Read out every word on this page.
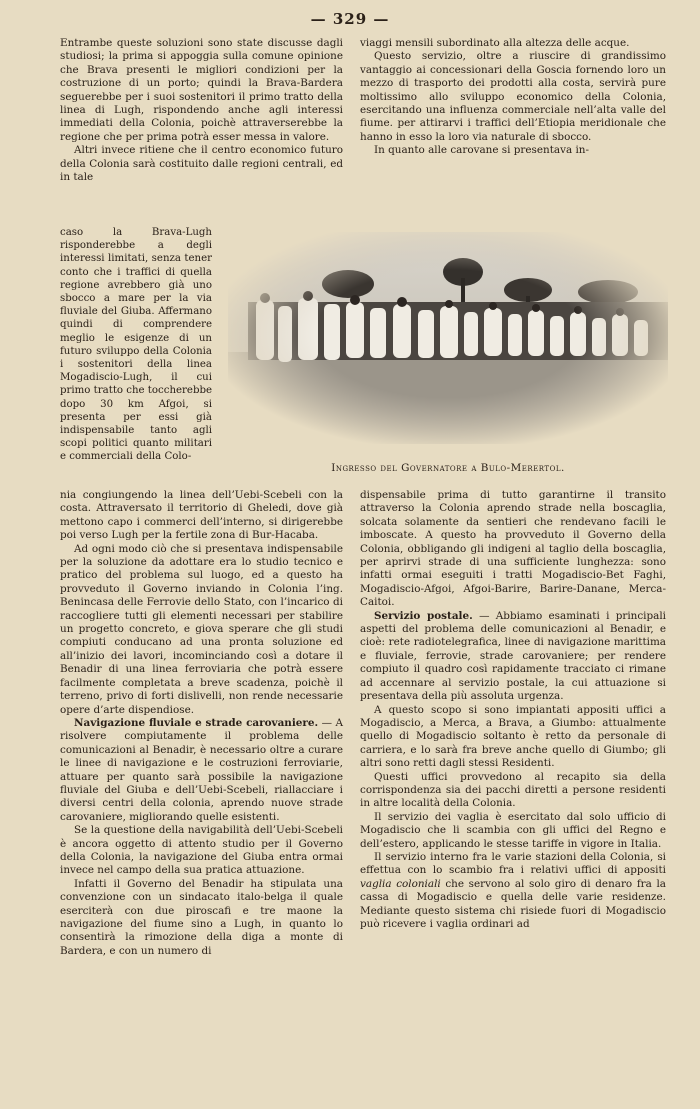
— 329 —

Entrambe queste soluzioni sono state discusse dagli studiosi; la prima si appoggia sulla comune opinione che Brava presenti le migliori condizioni per la costruzione di un porto; quindi la Brava-Bardera seguerebbe per i suoi sostenitori il primo tratto della linea di Lugh, rispondendo anche agli interessi immediati della Colonia, poichè attraverserebbe la regione che per prima potrà esser messa in valore.

Altri invece ritiene che il centro economico futuro della Colonia sarà costituito dalle regioni centrali, ed in tale

caso la Brava-Lugh risponderebbe a degli interessi limitati, senza tener conto che i traffici di quella regione avrebbero già uno sbocco a mare per la via fluviale del Giuba. Affermano quindi di comprendere meglio le esigenze di un futuro sviluppo della Colonia i sostenitori della linea Mogadiscio-Lugh, il cui primo tratto che toccherebbe dopo 30 km Afgoi, si presenta per essi già indispensabile tanto agli scopi politici quanto militari e commerciali della Colo-

viaggi mensili subordinato alla altezza delle acque.

Questo servizio, oltre a riuscire di grandissimo vantaggio ai concessionari della Goscia fornendo loro un mezzo di trasporto dei prodotti alla costa, servirà pure moltissimo allo sviluppo economico della Colonia, esercitando una influenza commerciale nell’alta valle del fiume. per attirarvi i traffici dell’Etiopia meridionale che hanno in esso la loro via naturale di sbocco.

In quanto alle carovane si presentava in-

Ingresso del Governatore a Bulo-Merertol.

nia congiungendo la linea dell’Uebi-Scebeli con la costa. Attraversato il territorio di Gheledi, dove già mettono capo i commerci dell’interno, si dirigerebbe poi verso Lugh per la fertile zona di Bur-Hacaba.

Ad ogni modo ciò che si presentava indispensabile per la soluzione da adottare era lo studio tecnico e pratico del problema sul luogo, ed a questo ha provveduto il Governo inviando in Colonia l’ing. Benincasa delle Ferrovie dello Stato, con l’incarico di raccogliere tutti gli elementi necessari per stabilire un progetto concreto, e giova sperare che gli studi compiuti conducano ad una pronta soluzione ed all’inizio dei lavori, incominciando così a dotare il Benadir di una linea ferroviaria che potrà essere facilmente completata a breve scadenza, poichè il terreno, privo di forti dislivelli, non rende necessarie opere d’arte dispendiose.

Navigazione fluviale e strade carovaniere. — A risolvere compiutamente il problema delle comunicazioni al Benadir, è necessario oltre a curare le linee di navigazione e le costruzioni ferroviarie, attuare per quanto sarà possibile la navigazione fluviale del Giuba e dell’Uebi-Scebeli, riallacciare i diversi centri della colonia, aprendo nuove strade carovaniere, migliorando quelle esistenti.

Se la questione della navigabilità dell’Uebi-Scebeli è ancora oggetto di attento studio per il Governo della Colonia, la navigazione del Giuba entra ormai invece nel campo della sua pratica attuazione.

Infatti il Governo del Benadir ha stipulata una convenzione con un sindacato italo-belga il quale eserciterà con due piroscafi e tre maone la navigazione del fiume sino a Lugh, in quanto lo consentirà la rimozione della diga a monte di Bardera, e con un numero di

dispensabile prima di tutto garantirne il transito attraverso la Colonia aprendo strade nella boscaglia, solcata solamente da sentieri che rendevano facili le imboscate. A questo ha provveduto il Governo della Colonia, obbligando gli indigeni al taglio della boscaglia, per aprirvi strade di una sufficiente lunghezza: sono infatti ormai eseguiti i tratti Mogadiscio-Bet Faghi, Mogadiscio-Afgoi, Afgoi-Barire, Barire-Danane, Merca-Caitoi.

Servizio postale. — Abbiamo esaminati i principali aspetti del problema delle comunicazioni al Benadir, e cioè: rete radiotelegrafica, linee di navigazione marittima e fluviale, ferrovie, strade carovaniere; per rendere compiuto il quadro così rapidamente tracciato ci rimane ad accennare al servizio postale, la cui attuazione si presentava della più assoluta urgenza.

A questo scopo si sono impiantati appositi uffici a Mogadiscio, a Merca, a Brava, a Giumbo: attualmente quello di Mogadiscio soltanto è retto da personale di carriera, e lo sarà fra breve anche quello di Giumbo; gli altri sono retti dagli stessi Residenti.

Questi uffici provvedono al recapito sia della corrispondenza sia dei pacchi diretti a persone residenti in altre località della Colonia.

Il servizio dei vaglia è esercitato dal solo ufficio di Mogadiscio che li scambia con gli uffici del Regno e dell’estero, applicando le stesse tariffe in vigore in Italia.

Il servizio interno fra le varie stazioni della Colonia, si effettua con lo scambio fra i relativi uffici di appositi vaglia coloniali che servono al solo giro di denaro fra la cassa di Mogadiscio e quella delle varie residenze. Mediante questo sistema chi risiede fuori di Mogadiscio può ricevere i vaglia ordinari ad
